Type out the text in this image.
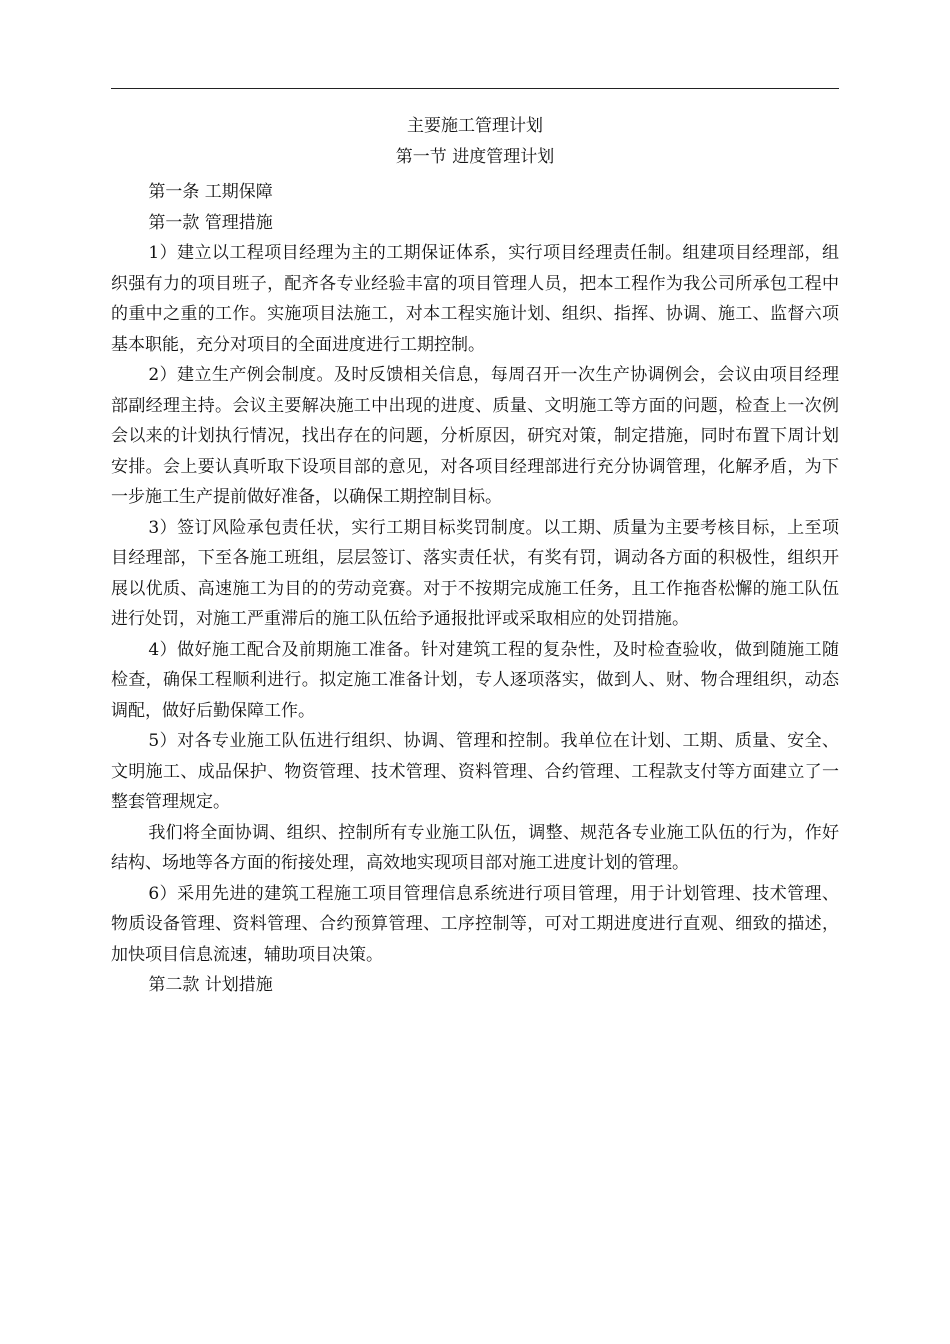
主要施工管理计划

第一节 进度管理计划

第一条 工期保障

第一款 管理措施

1）建立以工程项目经理为主的工期保证体系，实行项目经理责任制。组建项目经理部，组织强有力的项目班子，配齐各专业经验丰富的项目管理人员，把本工程作为我公司所承包工程中的重中之重的工作。实施项目法施工，对本工程实施计划、组织、指挥、协调、施工、监督六项基本职能，充分对项目的全面进度进行工期控制。

2）建立生产例会制度。及时反馈相关信息，每周召开一次生产协调例会，会议由项目经理部副经理主持。会议主要解决施工中出现的进度、质量、文明施工等方面的问题，检查上一次例会以来的计划执行情况，找出存在的问题，分析原因，研究对策，制定措施，同时布置下周计划安排。会上要认真听取下设项目部的意见，对各项目经理部进行充分协调管理，化解矛盾，为下一步施工生产提前做好准备，以确保工期控制目标。

3）签订风险承包责任状，实行工期目标奖罚制度。以工期、质量为主要考核目标，上至项目经理部，下至各施工班组，层层签订、落实责任状，有奖有罚，调动各方面的积极性，组织开展以优质、高速施工为目的的劳动竞赛。对于不按期完成施工任务，且工作拖沓松懈的施工队伍进行处罚，对施工严重滞后的施工队伍给予通报批评或采取相应的处罚措施。

4）做好施工配合及前期施工准备。针对建筑工程的复杂性，及时检查验收，做到随施工随检查，确保工程顺利进行。拟定施工准备计划，专人逐项落实，做到人、财、物合理组织，动态调配，做好后勤保障工作。

5）对各专业施工队伍进行组织、协调、管理和控制。我单位在计划、工期、质量、安全、文明施工、成品保护、物资管理、技术管理、资料管理、合约管理、工程款支付等方面建立了一整套管理规定。

我们将全面协调、组织、控制所有专业施工队伍，调整、规范各专业施工队伍的行为，作好结构、场地等各方面的衔接处理，高效地实现项目部对施工进度计划的管理。

6）采用先进的建筑工程施工项目管理信息系统进行项目管理，用于计划管理、技术管理、物质设备管理、资料管理、合约预算管理、工序控制等，可对工期进度进行直观、细致的描述，加快项目信息流速，辅助项目决策。

第二款 计划措施
